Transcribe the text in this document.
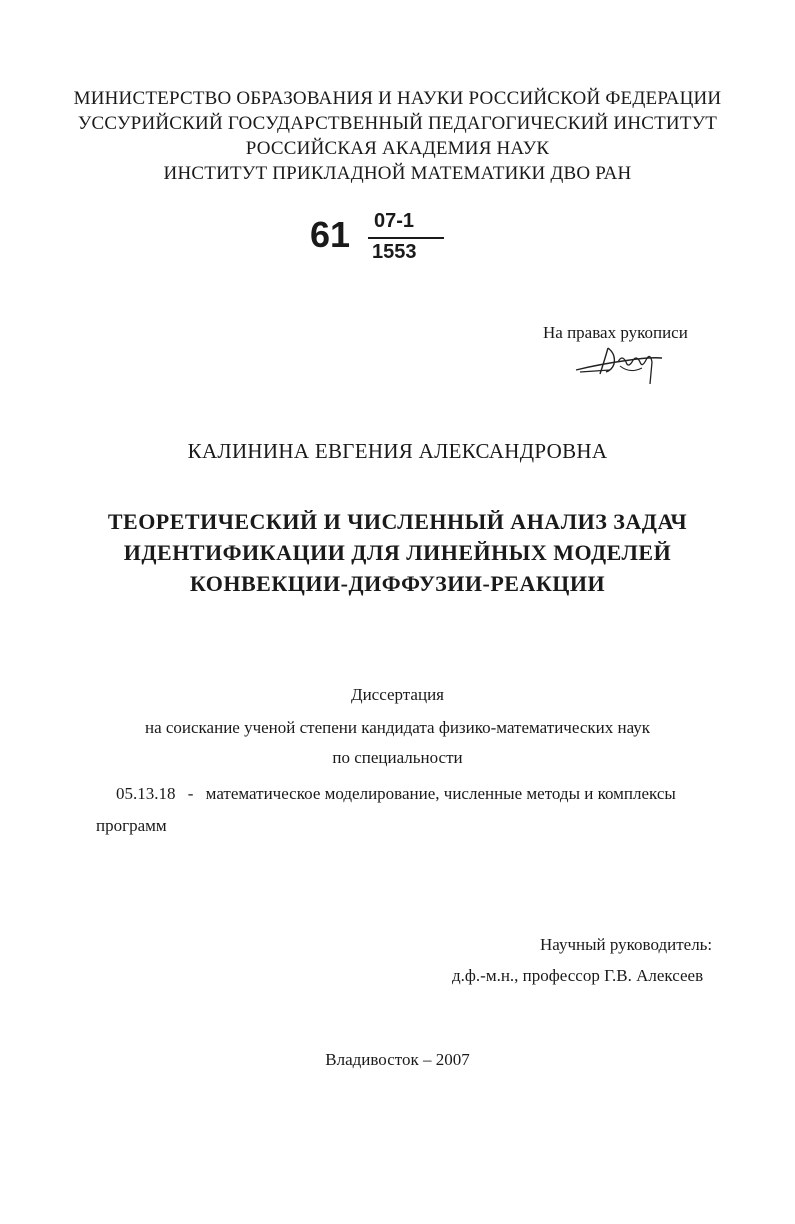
МИНИСТЕРСТВО ОБРАЗОВАНИЯ И НАУКИ РОССИЙСКОЙ ФЕДЕРАЦИИ
УССУРИЙСКИЙ ГОСУДАРСТВЕННЫЙ ПЕДАГОГИЧЕСКИЙ ИНСТИТУТ
РОССИЙСКАЯ АКАДЕМИЯ НАУК
ИНСТИТУТ ПРИКЛАДНОЙ МАТЕМАТИКИ ДВО РАН
61 07-1
1553
На правах рукописи
КАЛИНИНА ЕВГЕНИЯ АЛЕКСАНДРОВНА
ТЕОРЕТИЧЕСКИЙ И ЧИСЛЕННЫЙ АНАЛИЗ ЗАДАЧ
ИДЕНТИФИКАЦИИ ДЛЯ ЛИНЕЙНЫХ МОДЕЛЕЙ
КОНВЕКЦИИ-ДИФФУЗИИ-РЕАКЦИИ
Диссертация
на соискание ученой степени кандидата физико-математических наук
по специальности
05.13.18 - математическое моделирование, численные методы и комплексы
программ
Научный руководитель:
д.ф.-м.н., профессор Г.В. Алексеев
Владивосток – 2007
